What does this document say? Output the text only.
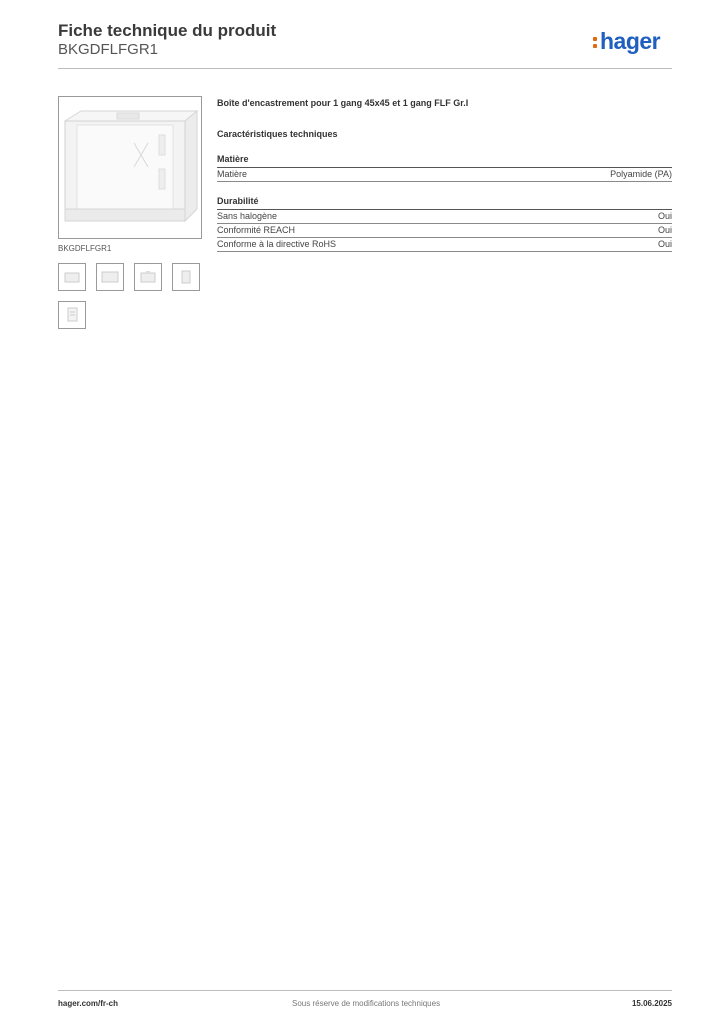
Fiche technique du produit
BKGDFLFGR1	hager
BKGDFLFGR1
Boîte d'encastrement pour 1 gang 45x45 et 1 gang FLF Gr.I
Caractéristiques techniques
Matière
Matière	Polyamide (PA)
Durabilité
Sans halogène	Oui
Conformité REACH	Oui
Conforme à la directive RoHS	Oui
hager.com/fr-ch	Sous réserve de modifications techniques	15.06.2025
